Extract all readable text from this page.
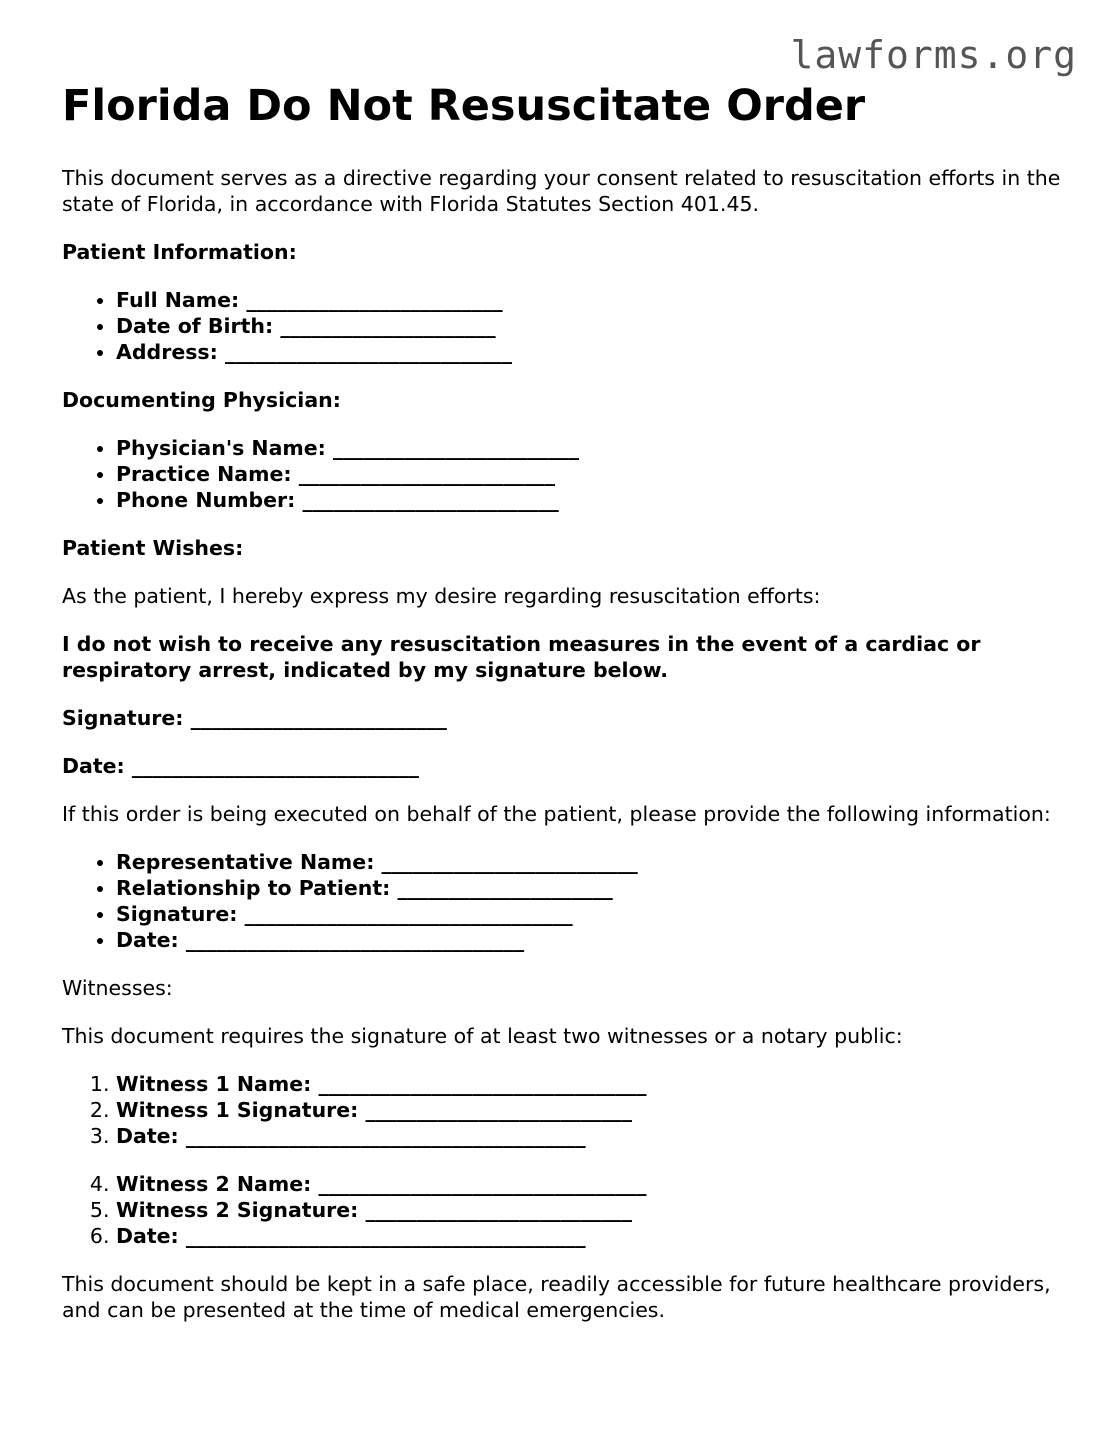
lawforms.org
Florida Do Not Resuscitate Order

This document serves as a directive regarding your consent related to resuscitation efforts in the state of Florida, in accordance with Florida Statutes Section 401.45.

Patient Information:

• Full Name: _________________________
• Date of Birth: _____________________
• Address: ____________________________

Documenting Physician:

• Physician's Name: ________________________
• Practice Name: _________________________
• Phone Number: _________________________

Patient Wishes:

As the patient, I hereby express my desire regarding resuscitation efforts:

I do not wish to receive any resuscitation measures in the event of a cardiac or respiratory arrest, indicated by my signature below.

Signature: _________________________

Date: ____________________________

If this order is being executed on behalf of the patient, please provide the following information:

• Representative Name: _________________________
• Relationship to Patient: _____________________
• Signature: ________________________________
• Date: _________________________________

Witnesses:

This document requires the signature of at least two witnesses or a notary public:

1. Witness 1 Name: ________________________________
2. Witness 1 Signature: __________________________
3. Date: _______________________________________
4. Witness 2 Name: ________________________________
5. Witness 2 Signature: __________________________
6. Date: _______________________________________

This document should be kept in a safe place, readily accessible for future healthcare providers, and can be presented at the time of medical emergencies.
